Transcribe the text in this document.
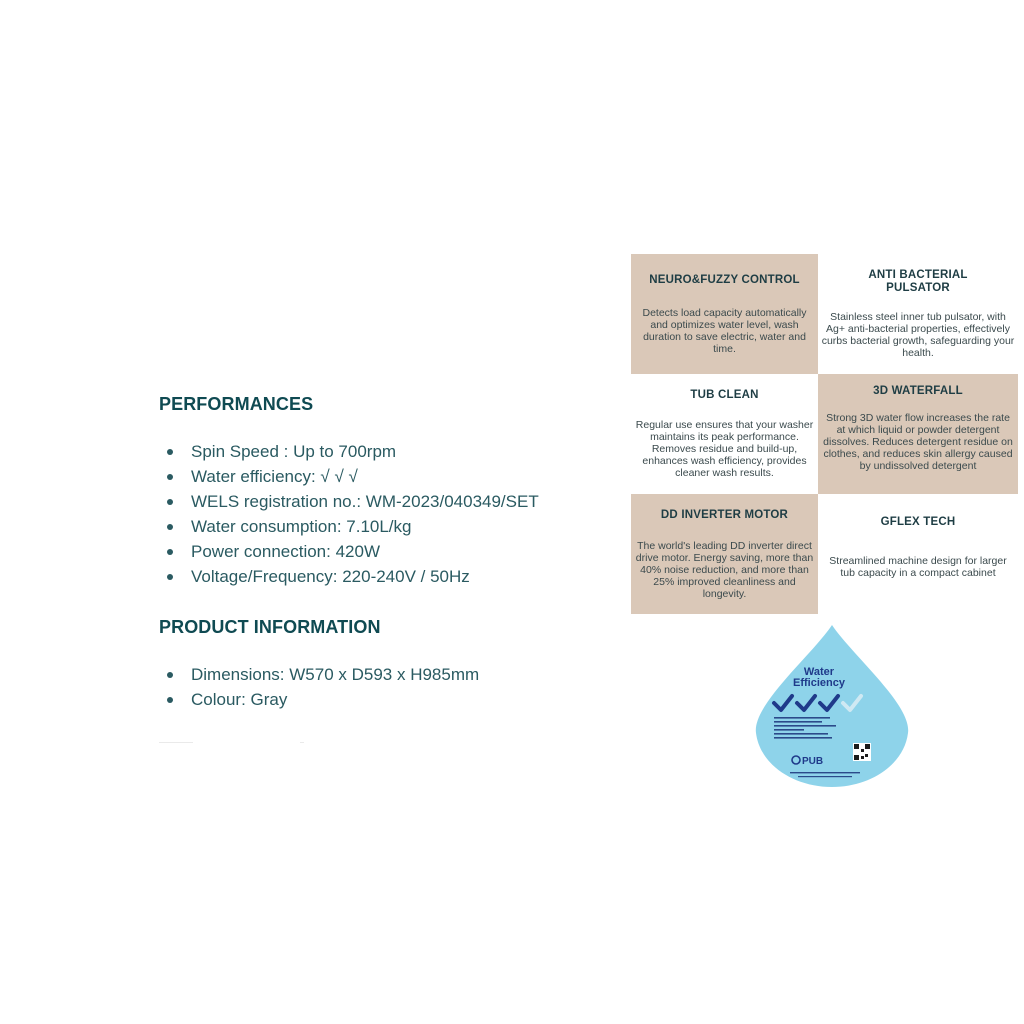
PERFORMANCES
Spin Speed : Up to 700rpm
Water efficiency: √ √ √
WELS registration no.: WM-2023/040349/SET
Water consumption: 7.10L/kg
Power connection: 420W
Voltage/Frequency: 220-240V / 50Hz
PRODUCT INFORMATION
Dimensions: W570 x D593 x H985mm
Colour: Gray
NEURO&FUZZY CONTROL
Detects load capacity automatically and optimizes water level, wash duration to save electric, water and time.
ANTI BACTERIAL PULSATOR
Stainless steel inner tub pulsator, with Ag+ anti-bacterial properties, effectively curbs bacterial growth, safeguarding your health.
TUB CLEAN
Regular use ensures that your washer maintains its peak performance. Removes residue and build-up, enhances wash efficiency, provides cleaner wash results.
3D WATERFALL
Strong 3D water flow increases the rate at which liquid or powder detergent dissolves. Reduces detergent residue on clothes, and reduces skin allergy caused by undissolved detergent
DD INVERTER MOTOR
The world's leading DD inverter direct drive motor. Energy saving, more than 40% noise reduction, and more than 25% improved cleanliness and longevity.
GFLEX TECH
Streamlined machine design for larger tub capacity in a compact cabinet
Water
Efficiency
PUB
